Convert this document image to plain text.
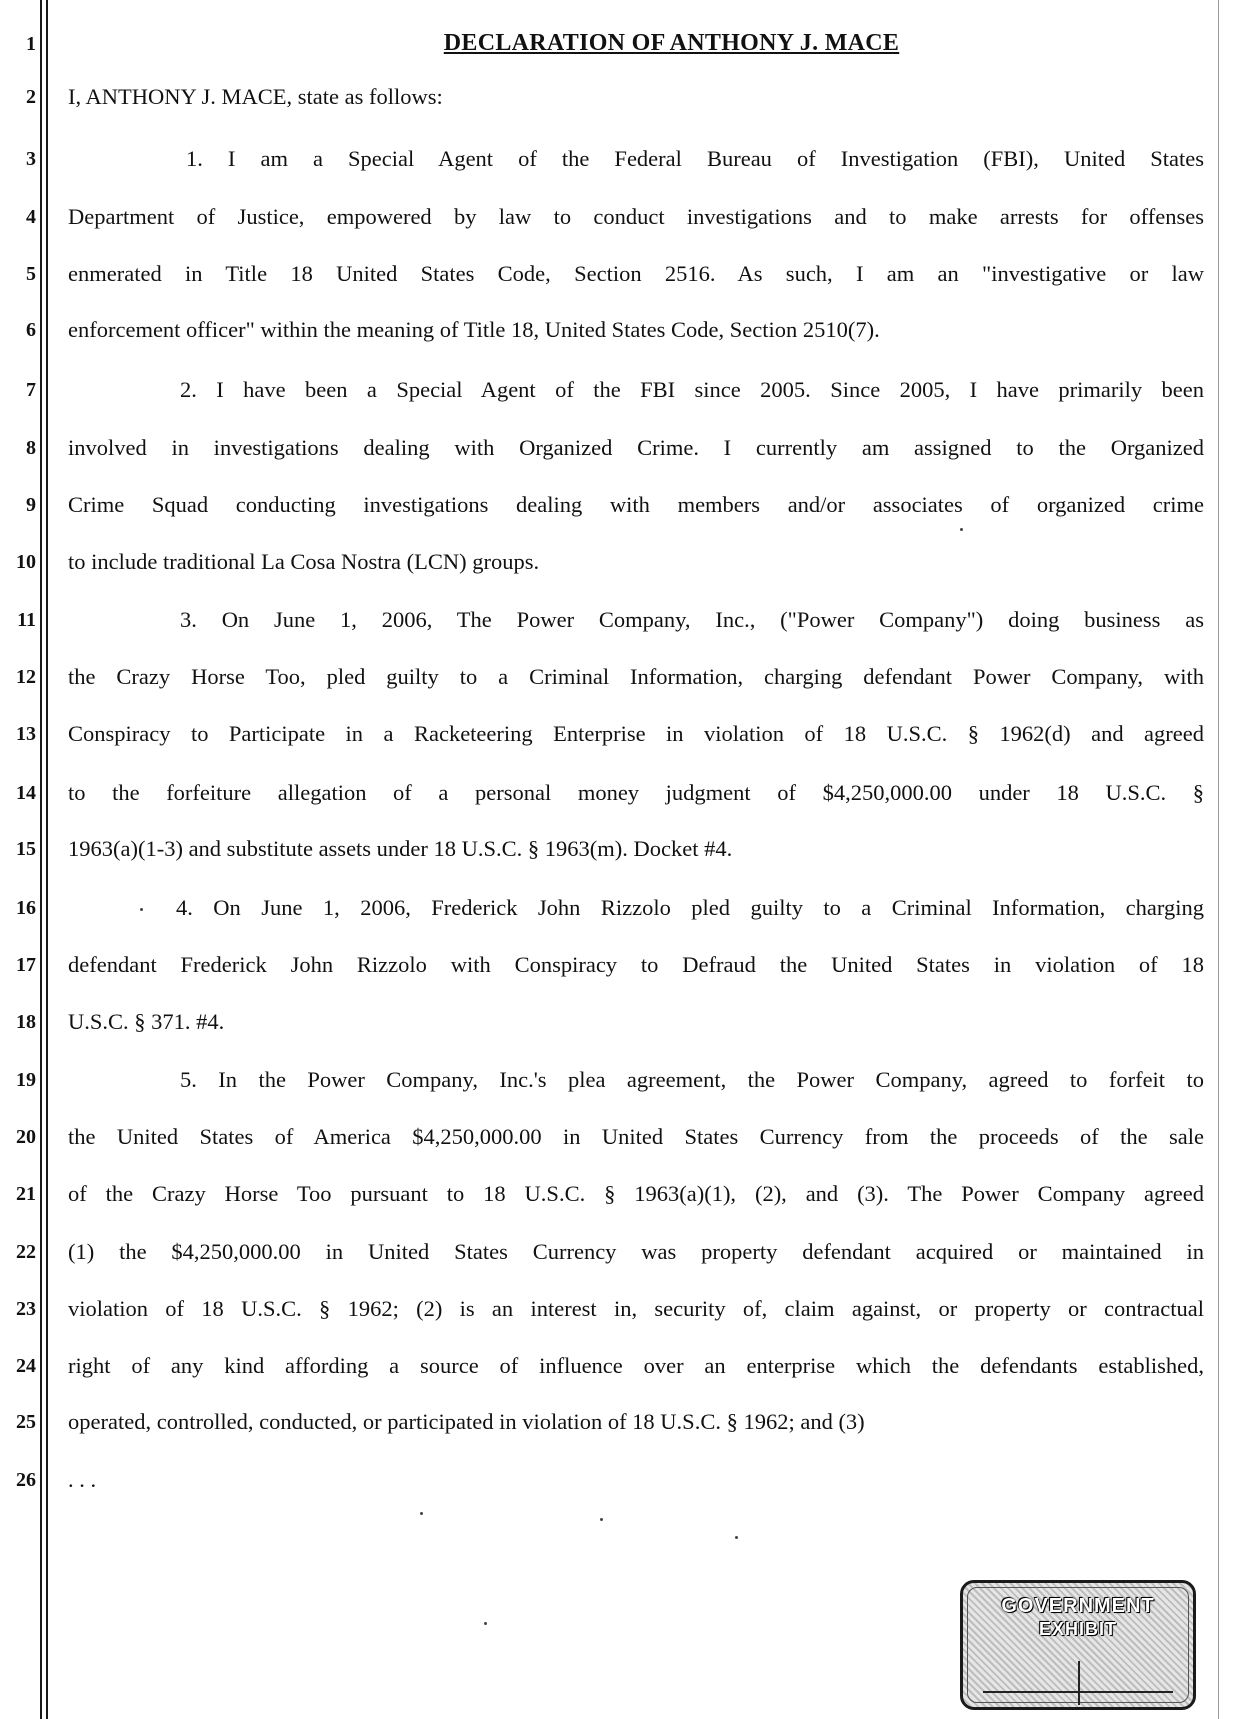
1
2
3
4
5
6
7
8
9
10
11
12
13
14
15
16
17
18
19
20
21
22
23
24
25
26
DECLARATION OF ANTHONY J. MACE
I, ANTHONY J. MACE, state as follows:
1. I am a Special Agent of the Federal Bureau of Investigation (FBI), United States
Department of Justice, empowered by law to conduct investigations and to make arrests for offenses
enmerated in Title 18 United States Code, Section 2516. As such, I am an "investigative or law
enforcement officer" within the meaning of Title 18, United States Code, Section 2510(7).
2. I have been a Special Agent of the FBI since 2005. Since 2005, I have primarily been
involved in investigations dealing with Organized Crime. I currently am assigned to the Organized
Crime Squad conducting investigations dealing with members and/or associates of organized crime
to include traditional La Cosa Nostra (LCN) groups.
3. On June 1, 2006, The Power Company, Inc., ("Power Company") doing business as
the Crazy Horse Too, pled guilty to a Criminal Information, charging defendant Power Company, with
Conspiracy to Participate in a Racketeering Enterprise in violation of 18 U.S.C. § 1962(d) and agreed
to the forfeiture allegation of a personal money judgment of $4,250,000.00 under 18 U.S.C. §
1963(a)(1-3) and substitute assets under 18 U.S.C. § 1963(m). Docket #4.
4. On June 1, 2006, Frederick John Rizzolo pled guilty to a Criminal Information, charging
defendant Frederick John Rizzolo with Conspiracy to Defraud the United States in violation of 18
U.S.C. § 371. #4.
5. In the Power Company, Inc.'s plea agreement, the Power Company, agreed to forfeit to
the United States of America $4,250,000.00 in United States Currency from the proceeds of the sale
of the Crazy Horse Too pursuant to 18 U.S.C. § 1963(a)(1), (2), and (3). The Power Company agreed
(1) the $4,250,000.00 in United States Currency was property defendant acquired or maintained in
violation of 18 U.S.C. § 1962; (2) is an interest in, security of, claim against, or property or contractual
right of any kind affording a source of influence over an enterprise which the defendants established,
operated, controlled, conducted, or participated in violation of 18 U.S.C. § 1962; and (3)
. . .
GOVERNMENT
EXHIBIT
